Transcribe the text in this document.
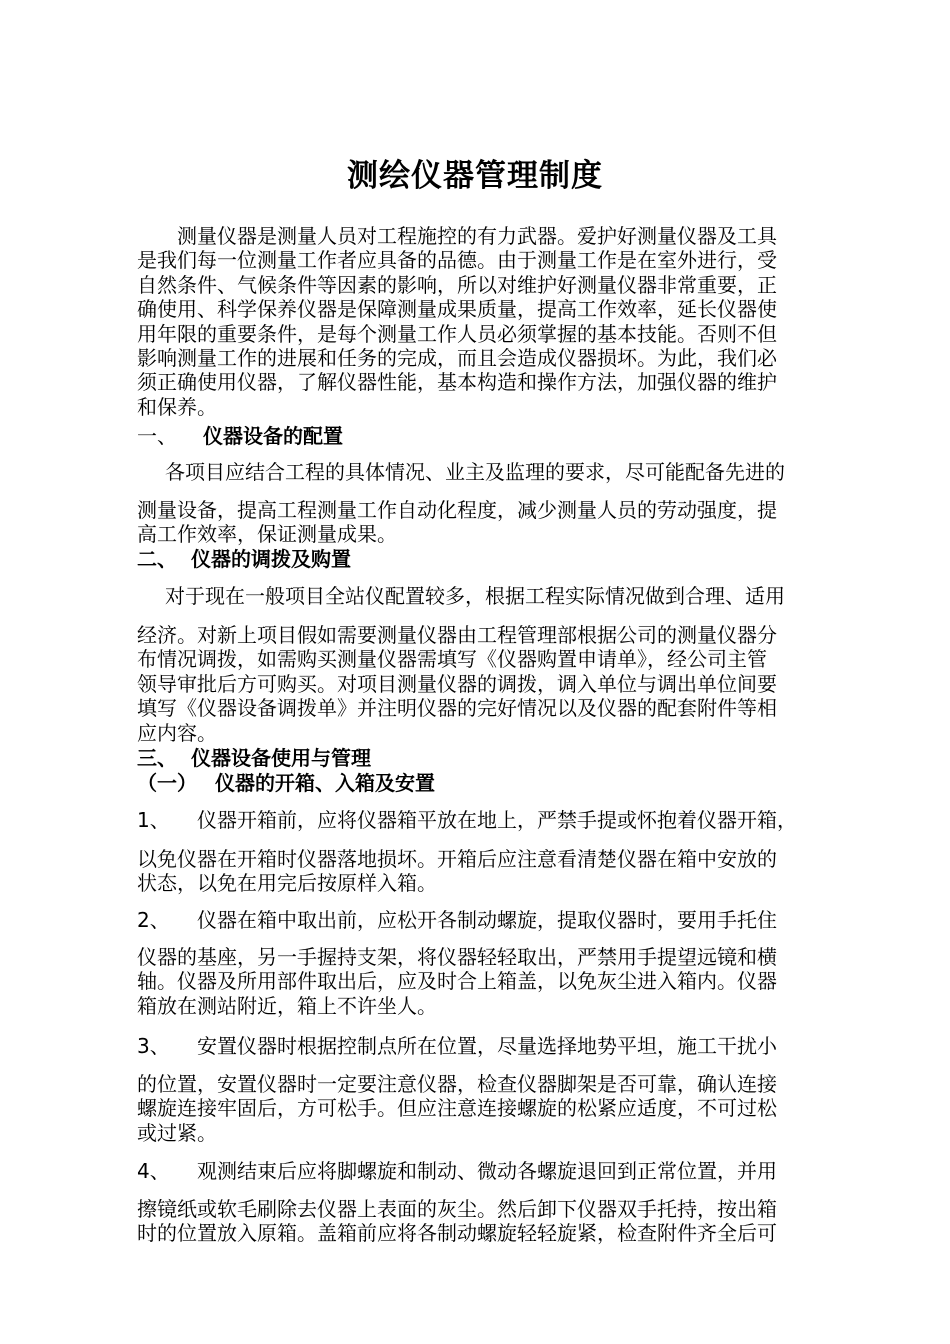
测绘仪器管理制度
　　测量仪器是测量人员对工程施控的有力武器。爱护好测量仪器及工具
是我们每一位测量工作者应具备的品德。由于测量工作是在室外进行，受
自然条件、气候条件等因素的影响，所以对维护好测量仪器非常重要，正
确使用、科学保养仪器是保障测量成果质量，提高工作效率，延长仪器使
用年限的重要条件，是每个测量工作人员必须掌握的基本技能。否则不但
影响测量工作的进展和任务的完成，而且会造成仪器损坏。为此，我们必
须正确使用仪器，了解仪器性能，基本构造和操作方法，加强仪器的维护
和保养。
一、 仪器设备的配置
各项目应结合工程的具体情况、业主及监理的要求，尽可能配备先进的
测量设备，提高工程测量工作自动化程度，减少测量人员的劳动强度，提
高工作效率，保证测量成果。
二、 仪器的调拨及购置
对于现在一般项目全站仪配置较多，根据工程实际情况做到合理、适用
经济。对新上项目假如需要测量仪器由工程管理部根据公司的测量仪器分
布情况调拨，如需购买测量仪器需填写《仪器购置申请单》，经公司主管
领导审批后方可购买。对项目测量仪器的调拨，调入单位与调出单位间要
填写《仪器设备调拨单》并注明仪器的完好情况以及仪器的配套附件等相
应内容。
三、 仪器设备使用与管理
（一） 仪器的开箱、入箱及安置
1、 仪器开箱前，应将仪器箱平放在地上，严禁手提或怀抱着仪器开箱，
以免仪器在开箱时仪器落地损坏。开箱后应注意看清楚仪器在箱中安放的
状态，以免在用完后按原样入箱。
2、 仪器在箱中取出前，应松开各制动螺旋，提取仪器时，要用手托住
仪器的基座，另一手握持支架，将仪器轻轻取出，严禁用手提望远镜和横
轴。仪器及所用部件取出后，应及时合上箱盖，以免灰尘进入箱内。仪器
箱放在测站附近，箱上不许坐人。
3、 安置仪器时根据控制点所在位置，尽量选择地势平坦，施工干扰小
的位置，安置仪器时一定要注意仪器，检查仪器脚架是否可靠，确认连接
螺旋连接牢固后，方可松手。但应注意连接螺旋的松紧应适度，不可过松
或过紧。
4、 观测结束后应将脚螺旋和制动、微动各螺旋退回到正常位置，并用
擦镜纸或软毛刷除去仪器上表面的灰尘。然后卸下仪器双手托持，按出箱
时的位置放入原箱。盖箱前应将各制动螺旋轻轻旋紧，检查附件齐全后可
